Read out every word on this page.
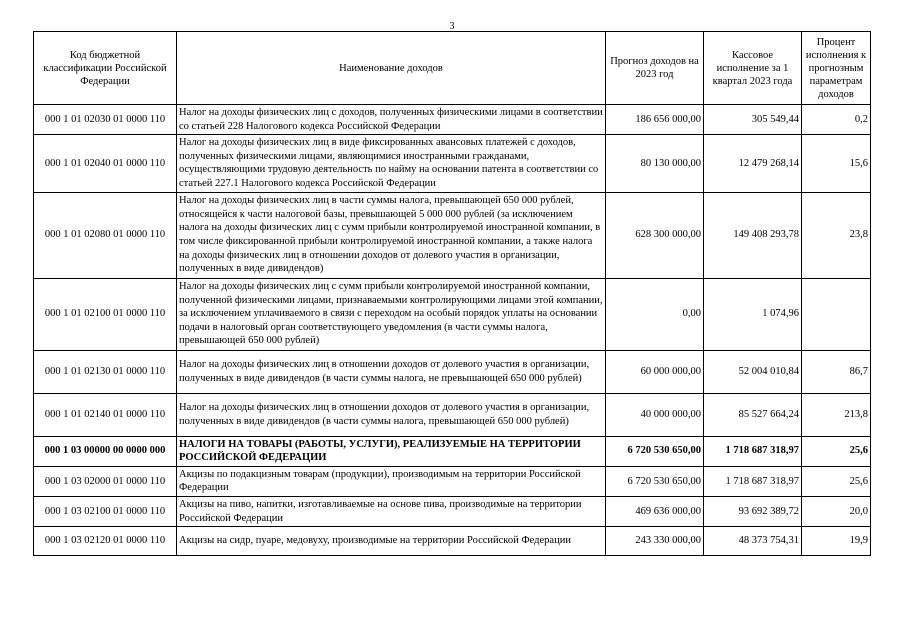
3
Код бюджетной классификации Российской Федерации	Наименование доходов	Прогноз доходов на 2023 год	Кассовое исполнение за 1 квартал 2023 года	Процент исполнения к прогнозным параметрам доходов
000 1 01 02030 01 0000 110	Налог на доходы физических лиц с доходов, полученных физическими лицами в соответствии со статьей 228 Налогового кодекса Российской Федерации	186 656 000,00	305 549,44	0,2
000 1 01 02040 01 0000 110	Налог на доходы физических лиц в виде фиксированных авансовых платежей с доходов, полученных физическими лицами, являющимися иностранными гражданами, осуществляющими трудовую деятельность по найму на основании патента в соответствии со статьей 227.1 Налогового кодекса Российской Федерации	80 130 000,00	12 479 268,14	15,6
000 1 01 02080 01 0000 110	Налог на доходы физических лиц в части суммы налога, превышающей 650 000 рублей, относящейся к части налоговой базы, превышающей 5 000 000 рублей (за исключением налога на доходы физических лиц с сумм прибыли контролируемой иностранной компании, в том числе фиксированной прибыли контролируемой иностранной компании, а также налога на доходы физических лиц в отношении доходов от долевого участия в организации, полученных в виде дивидендов)	628 300 000,00	149 408 293,78	23,8
000 1 01 02100 01 0000 110	Налог на доходы физических лиц с сумм прибыли контролируемой иностранной компании, полученной физическими лицами, признаваемыми контролирующими лицами этой компании, за исключением уплачиваемого в связи с переходом на особый порядок уплаты на основании подачи в налоговый орган соответствующего уведомления (в части суммы налога, превышающей 650 000 рублей)	0,00	1 074,96	
000 1 01 02130 01 0000 110	Налог на доходы физических лиц в отношении доходов от долевого участия в организации, полученных в виде дивидендов (в части суммы налога, не превышающей 650 000 рублей)	60 000 000,00	52 004 010,84	86,7
000 1 01 02140 01 0000 110	Налог на доходы физических лиц в отношении доходов от долевого участия в организации, полученных в виде дивидендов (в части суммы налога, превышающей 650 000 рублей)	40 000 000,00	85 527 664,24	213,8
000 1 03 00000 00 0000 000	НАЛОГИ НА ТОВАРЫ (РАБОТЫ, УСЛУГИ), РЕАЛИЗУЕМЫЕ НА ТЕРРИТОРИИ РОССИЙСКОЙ ФЕДЕРАЦИИ	6 720 530 650,00	1 718 687 318,97	25,6
000 1 03 02000 01 0000 110	Акцизы по подакцизным товарам (продукции), производимым на территории Российской Федерации	6 720 530 650,00	1 718 687 318,97	25,6
000 1 03 02100 01 0000 110	Акцизы на пиво, напитки, изготавливаемые на основе пива, производимые на территории Российской Федерации	469 636 000,00	93 692 389,72	20,0
000 1 03 02120 01 0000 110	Акцизы на сидр, пуаре, медовуху, производимые на территории Российской Федерации	243 330 000,00	48 373 754,31	19,9
